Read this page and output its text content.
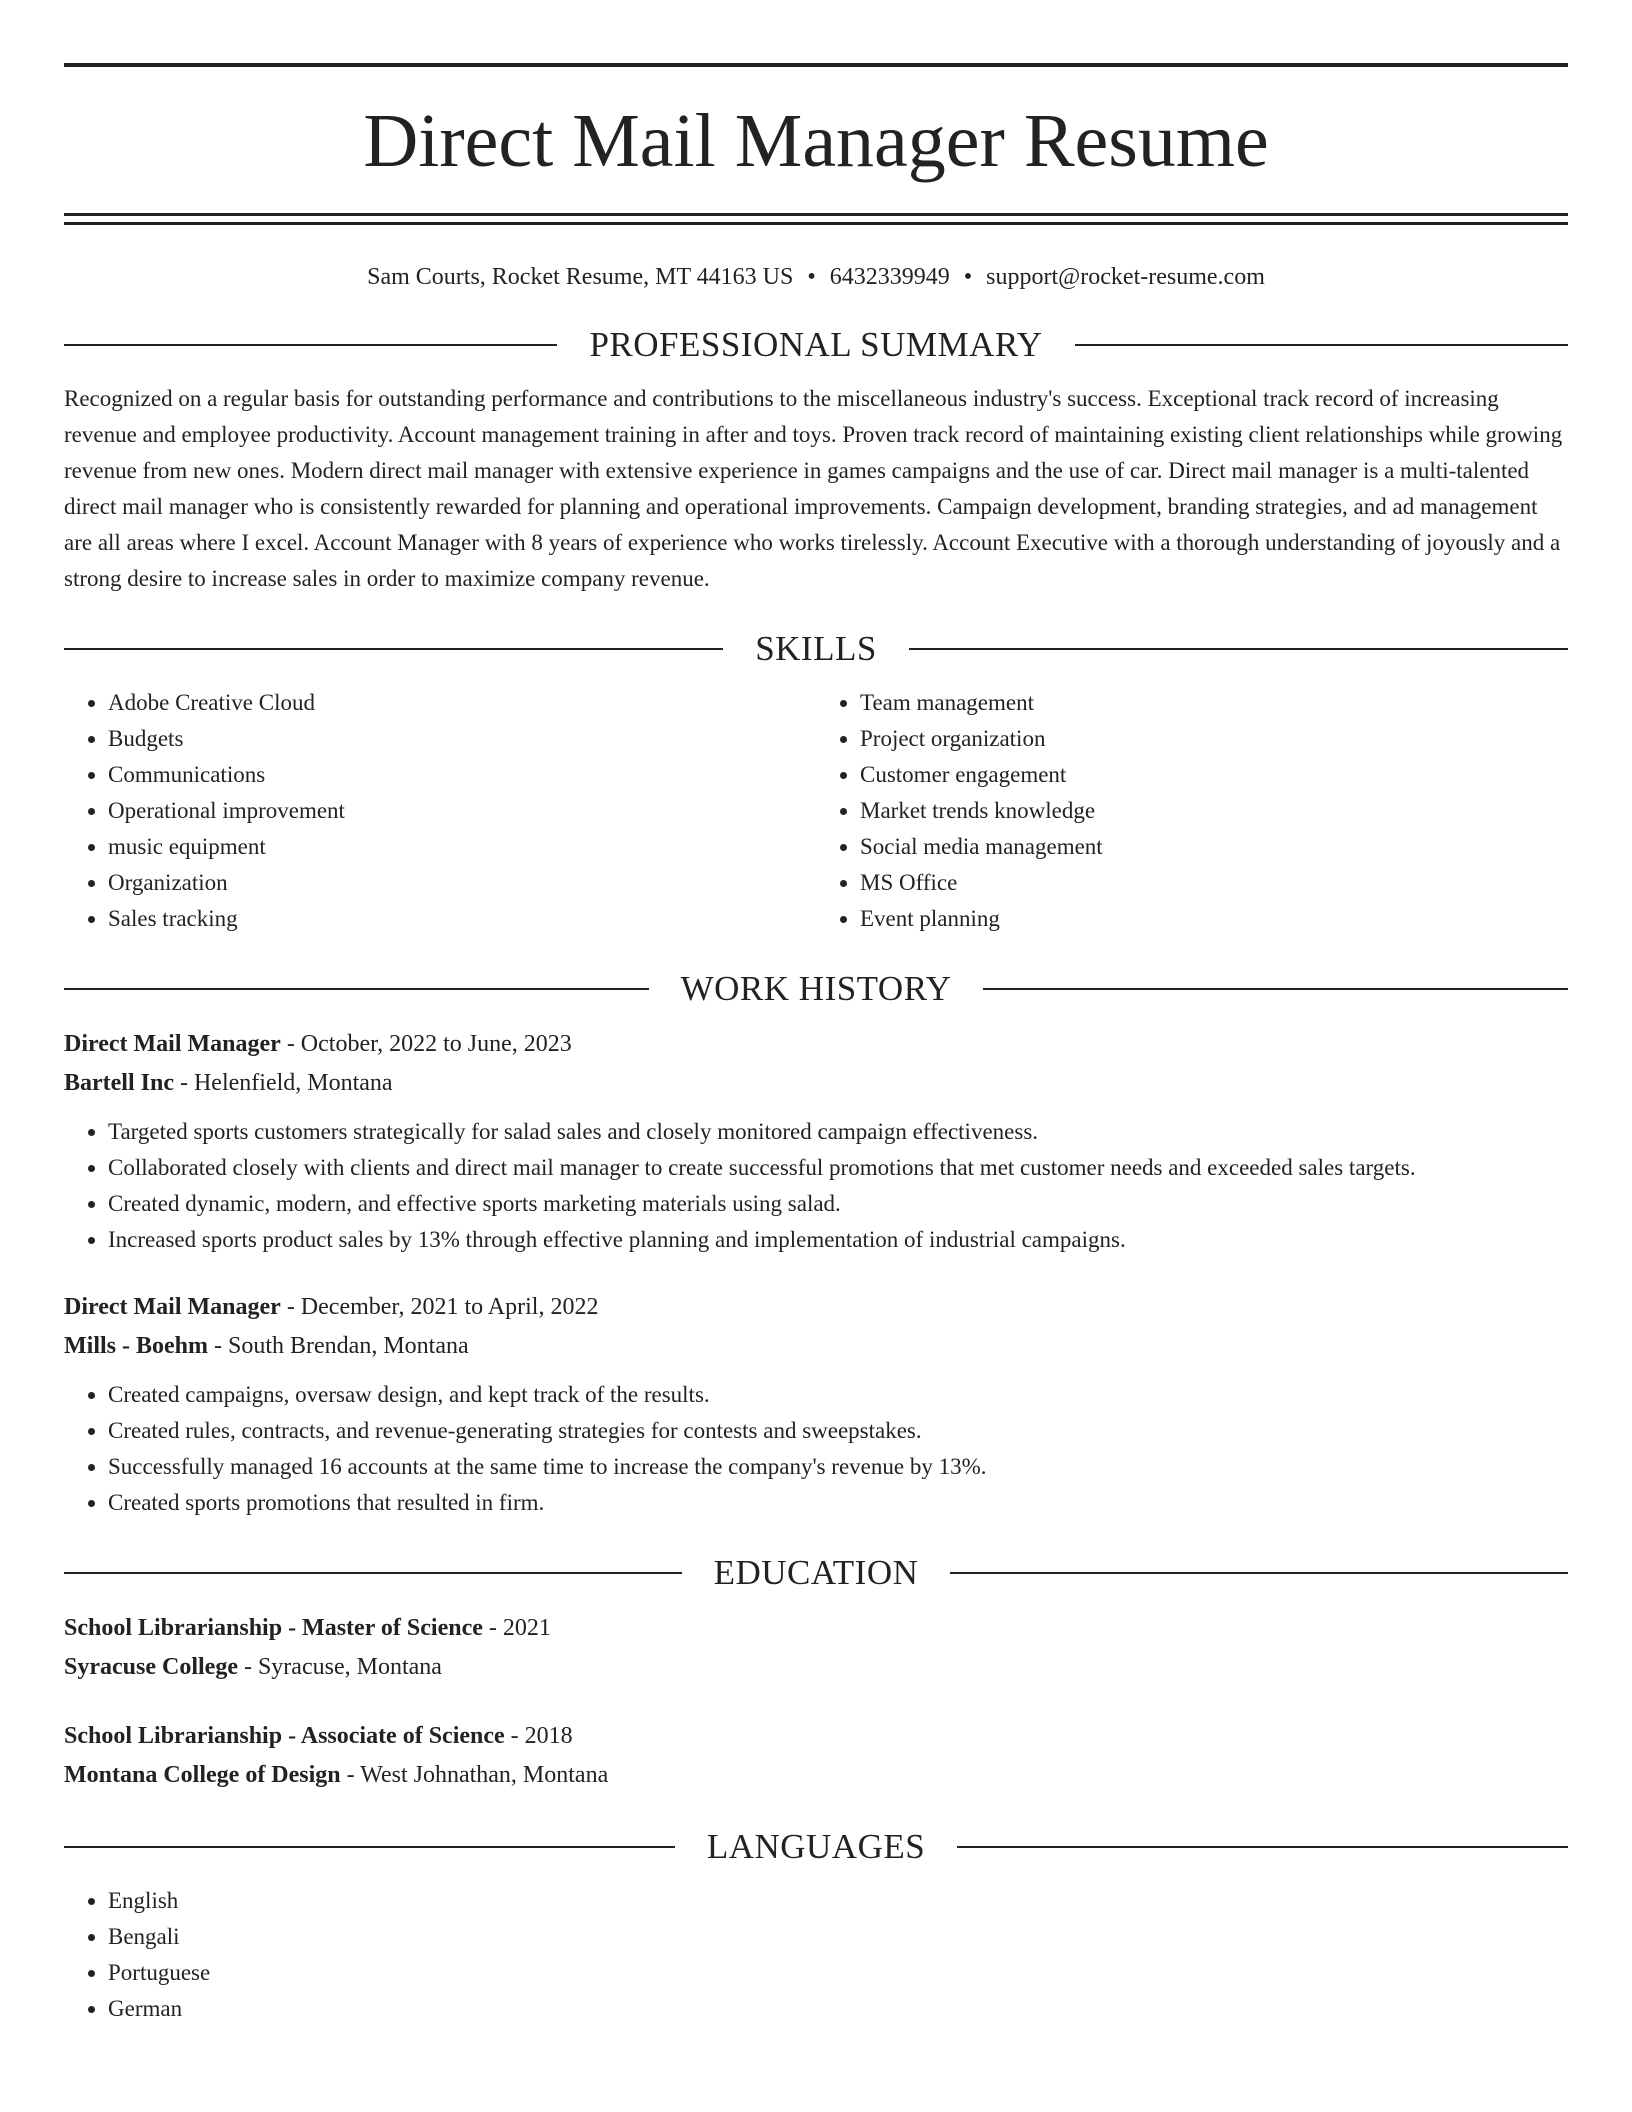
Direct Mail Manager Resume
Sam Courts, Rocket Resume, MT 44163 US • 6432339949 • support@rocket-resume.com
PROFESSIONAL SUMMARY
Recognized on a regular basis for outstanding performance and contributions to the miscellaneous industry's success. Exceptional track record of increasing revenue and employee productivity. Account management training in after and toys. Proven track record of maintaining existing client relationships while growing revenue from new ones. Modern direct mail manager with extensive experience in games campaigns and the use of car. Direct mail manager is a multi-talented direct mail manager who is consistently rewarded for planning and operational improvements. Campaign development, branding strategies, and ad management are all areas where I excel. Account Manager with 8 years of experience who works tirelessly. Account Executive with a thorough understanding of joyously and a strong desire to increase sales in order to maximize company revenue.
SKILLS
• Adobe Creative Cloud
• Budgets
• Communications
• Operational improvement
• music equipment
• Organization
• Sales tracking
• Team management
• Project organization
• Customer engagement
• Market trends knowledge
• Social media management
• MS Office
• Event planning
WORK HISTORY
Direct Mail Manager - October, 2022 to June, 2023
Bartell Inc - Helenfield, Montana
• Targeted sports customers strategically for salad sales and closely monitored campaign effectiveness.
• Collaborated closely with clients and direct mail manager to create successful promotions that met customer needs and exceeded sales targets.
• Created dynamic, modern, and effective sports marketing materials using salad.
• Increased sports product sales by 13% through effective planning and implementation of industrial campaigns.
Direct Mail Manager - December, 2021 to April, 2022
Mills - Boehm - South Brendan, Montana
• Created campaigns, oversaw design, and kept track of the results.
• Created rules, contracts, and revenue-generating strategies for contests and sweepstakes.
• Successfully managed 16 accounts at the same time to increase the company's revenue by 13%.
• Created sports promotions that resulted in firm.
EDUCATION
School Librarianship - Master of Science - 2021
Syracuse College - Syracuse, Montana
School Librarianship - Associate of Science - 2018
Montana College of Design - West Johnathan, Montana
LANGUAGES
• English
• Bengali
• Portuguese
• German
